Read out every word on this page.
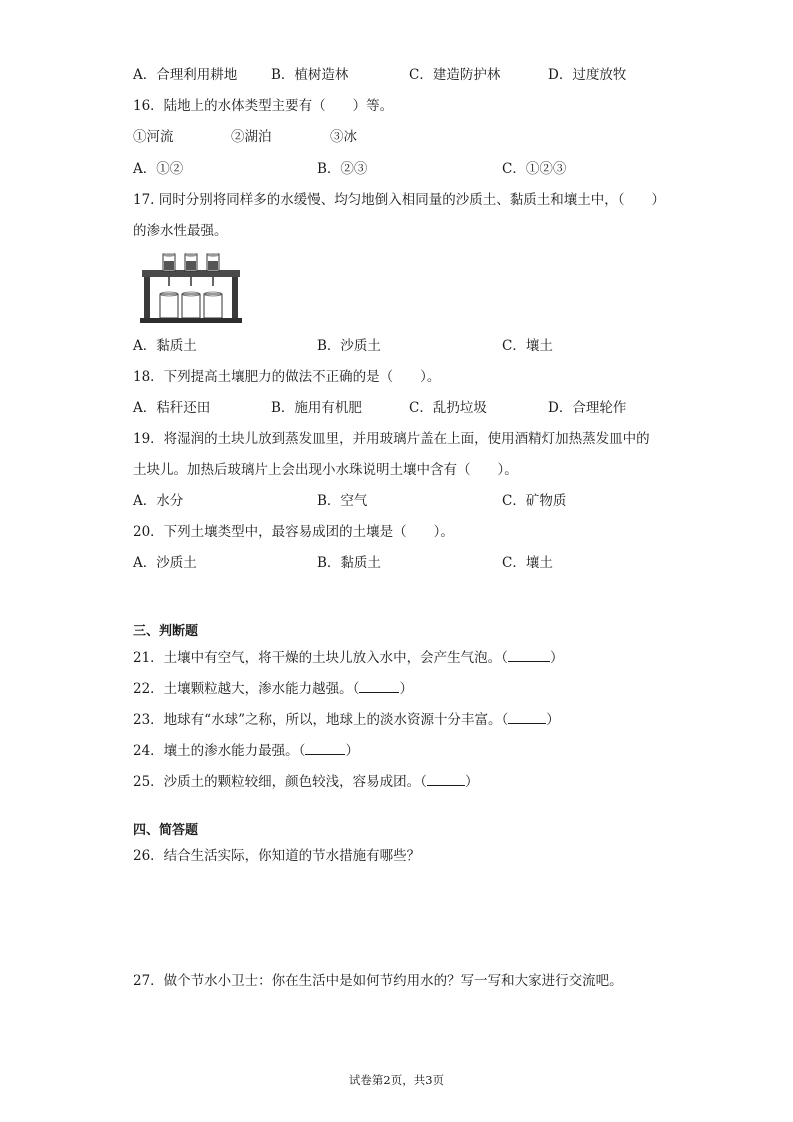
A．合理利用耕地	B．植树造林	C．建造防护林	D．过度放牧
16．陆地上的水体类型主要有（　　）等。
①河流	②湖泊	③冰
A．①②	B．②③	C．①②③
17. 同时分别将同样多的水缓慢、均匀地倒入相同量的沙质土、黏质土和壤土中，（　　）
的渗水性最强。
A．黏质土	B．沙质土	C．壤土
18．下列提高土壤肥力的做法不正确的是（　　）。
A．秸秆还田	B．施用有机肥	C．乱扔垃圾	D．合理轮作
19．将湿润的土块儿放到蒸发皿里，并用玻璃片盖在上面，使用酒精灯加热蒸发皿中的
土块儿。加热后玻璃片上会出现小水珠说明土壤中含有（　　）。
A．水分	B．空气	C．矿物质
20．下列土壤类型中，最容易成团的土壤是（　　）。
A．沙质土	B．黏质土	C．壤土
三、判断题
21．土壤中有空气，将干燥的土块儿放入水中，会产生气泡。（	）
22．土壤颗粒越大，渗水能力越强。（	）
23．地球有“水球”之称，所以，地球上的淡水资源十分丰富。（	）
24．壤土的渗水能力最强。（	）
25．沙质土的颗粒较细，颜色较浅，容易成团。（	）
四、简答题
26．结合生活实际，你知道的节水措施有哪些？
27．做个节水小卫士：你在生活中是如何节约用水的？写一写和大家进行交流吧。
试卷第2页，共3页
